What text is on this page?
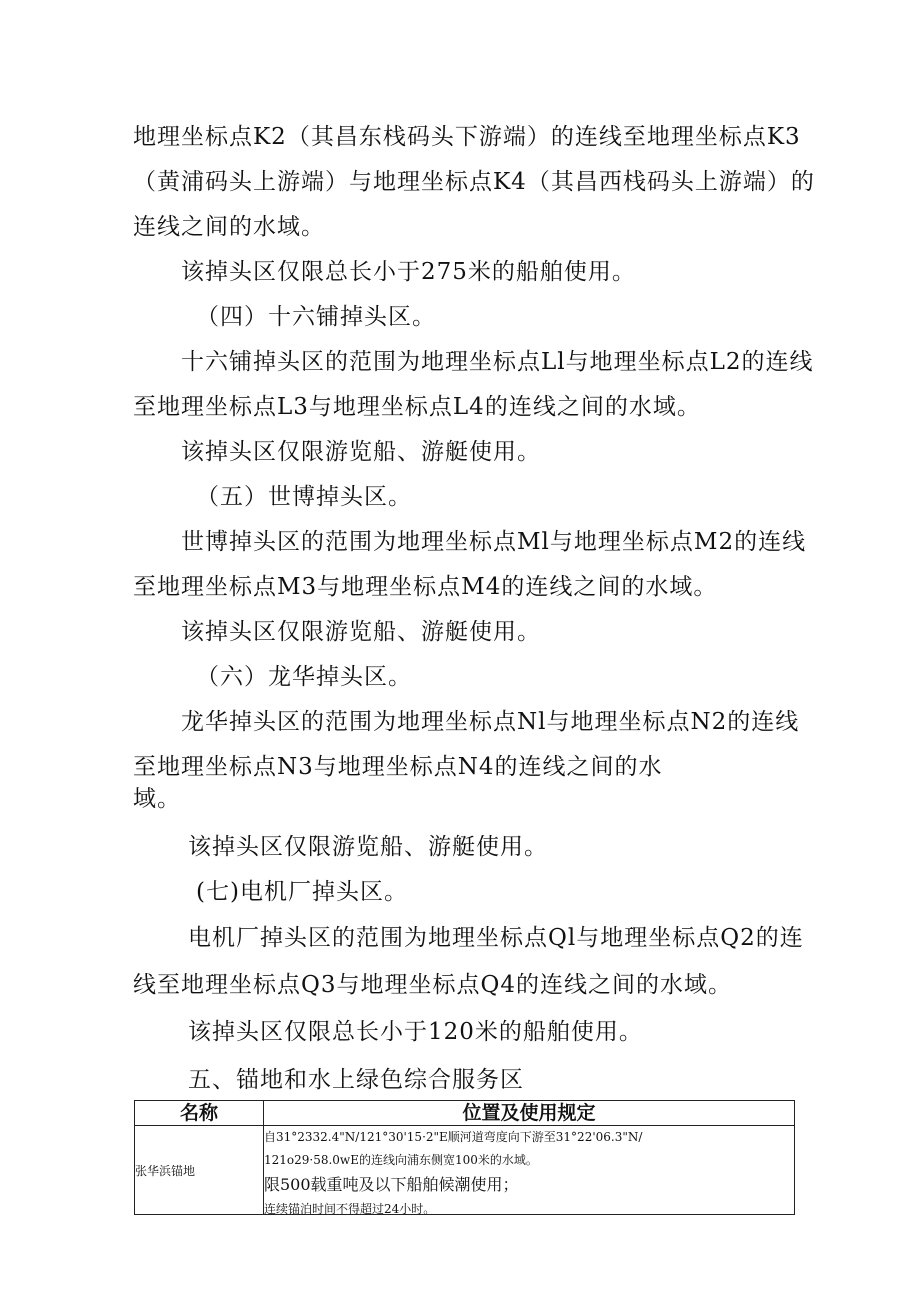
地理坐标点K2（其昌东栈码头下游端）的连线至地理坐标点K3
（黄浦码头上游端）与地理坐标点K4（其昌西栈码头上游端）的
连线之间的水域。
该掉头区仅限总长小于275米的船舶使用。
（四）十六铺掉头区。
十六铺掉头区的范围为地理坐标点Ll与地理坐标点L2的连线
至地理坐标点L3与地理坐标点L4的连线之间的水域。
该掉头区仅限游览船、游艇使用。
（五）世博掉头区。
世博掉头区的范围为地理坐标点Ml与地理坐标点M2的连线
至地理坐标点M3与地理坐标点M4的连线之间的水域。
该掉头区仅限游览船、游艇使用。
（六）龙华掉头区。
龙华掉头区的范围为地理坐标点Nl与地理坐标点N2的连线
至地理坐标点N3与地理坐标点N4的连线之间的水
域。
该掉头区仅限游览船、游艇使用。
(七)电机厂掉头区。
电机厂掉头区的范围为地理坐标点Ql与地理坐标点Q2的连
线至地理坐标点Q3与地理坐标点Q4的连线之间的水域。
该掉头区仅限总长小于120米的船舶使用。
五、锚地和水上绿色综合服务区
名称	位置及使用规定
张华浜锚地	自31°2332.4"N/121°30'15·2"E顺河道弯度向下游至31°22'06.3"N/
121o29·58.0wE的连线向浦东侧宽100米的水域。
限500载重吨及以下船舶候潮使用；
连续锚泊时间不得超过24小时。
